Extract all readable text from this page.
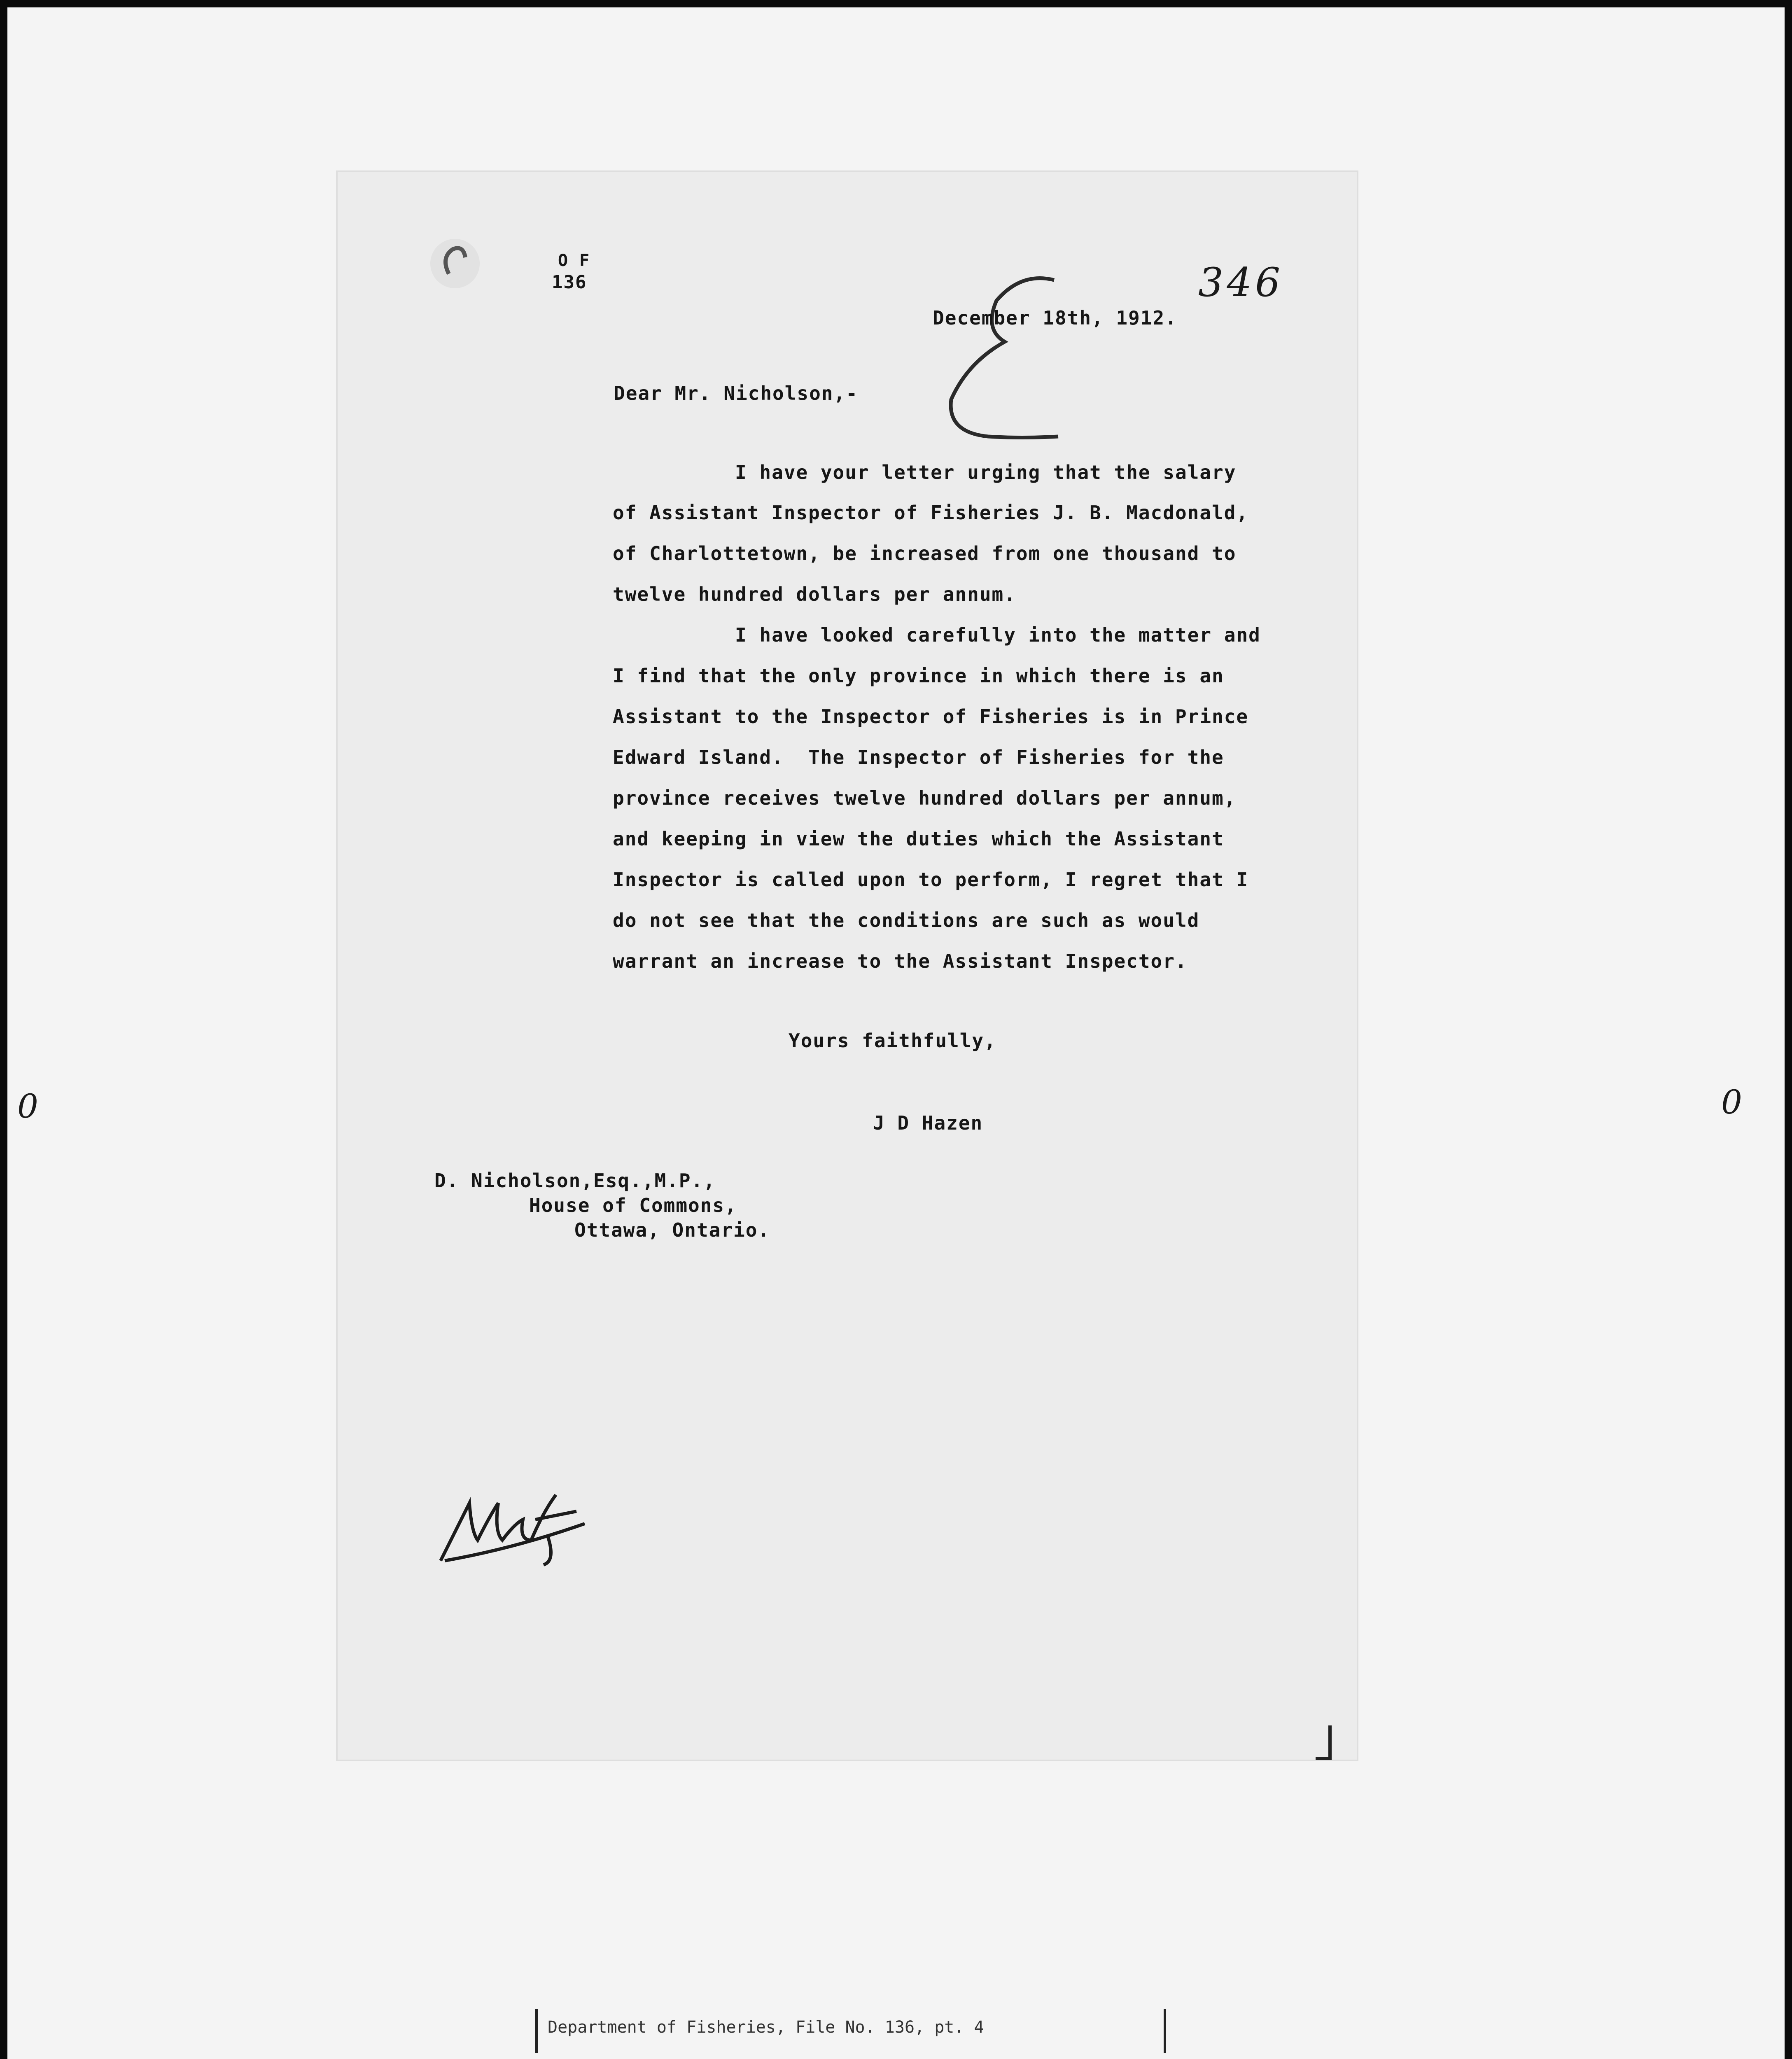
0	0
O F
136	346
December 18th, 1912.
Dear Mr. Nicholson,-
I have your letter urging that the salary
of Assistant Inspector of Fisheries J. B. Macdonald,
of Charlottetown, be increased from one thousand to
twelve hundred dollars per annum.
I have looked carefully into the matter and
I find that the only province in which there is an
Assistant to the Inspector of Fisheries is in Prince
Edward Island.  The Inspector of Fisheries for the
province receives twelve hundred dollars per annum,
and keeping in view the duties which the Assistant
Inspector is called upon to perform, I regret that I
do not see that the conditions are such as would
warrant an increase to the Assistant Inspector.
Yours faithfully,
J D Hazen
D. Nicholson,Esq.,M.P.,
House of Commons,
Ottawa, Ontario.
MAF
Department of Fisheries, File No. 136, pt. 4
